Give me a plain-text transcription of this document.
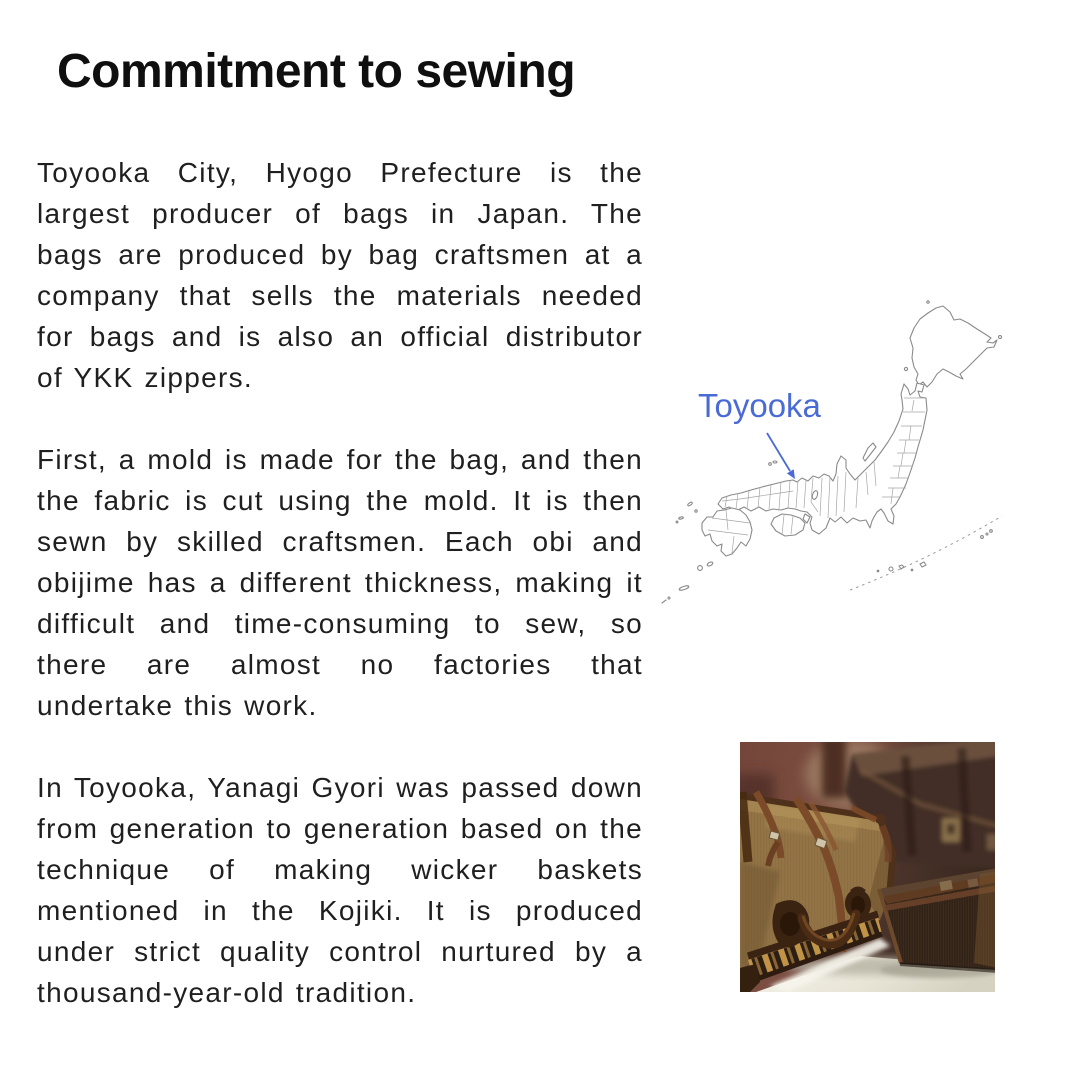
Commitment to sewing

Toyooka City, Hyogo Prefecture is the largest producer of bags in Japan. The bags are produced by bag craftsmen at a company that sells the materials needed for bags and is also an official distributor of YKK zippers.

First, a mold is made for the bag, and then the fabric is cut using the mold. It is then sewn by skilled craftsmen. Each obi and obijime has a different thickness, making it difficult and time-consuming to sew, so there are almost no factories that undertake this work.

In Toyooka, Yanagi Gyori was passed down from generation to generation based on the technique of making wicker baskets mentioned in the Kojiki. It is produced under strict quality control nurtured by a thousand-year-old tradition.

Toyooka
